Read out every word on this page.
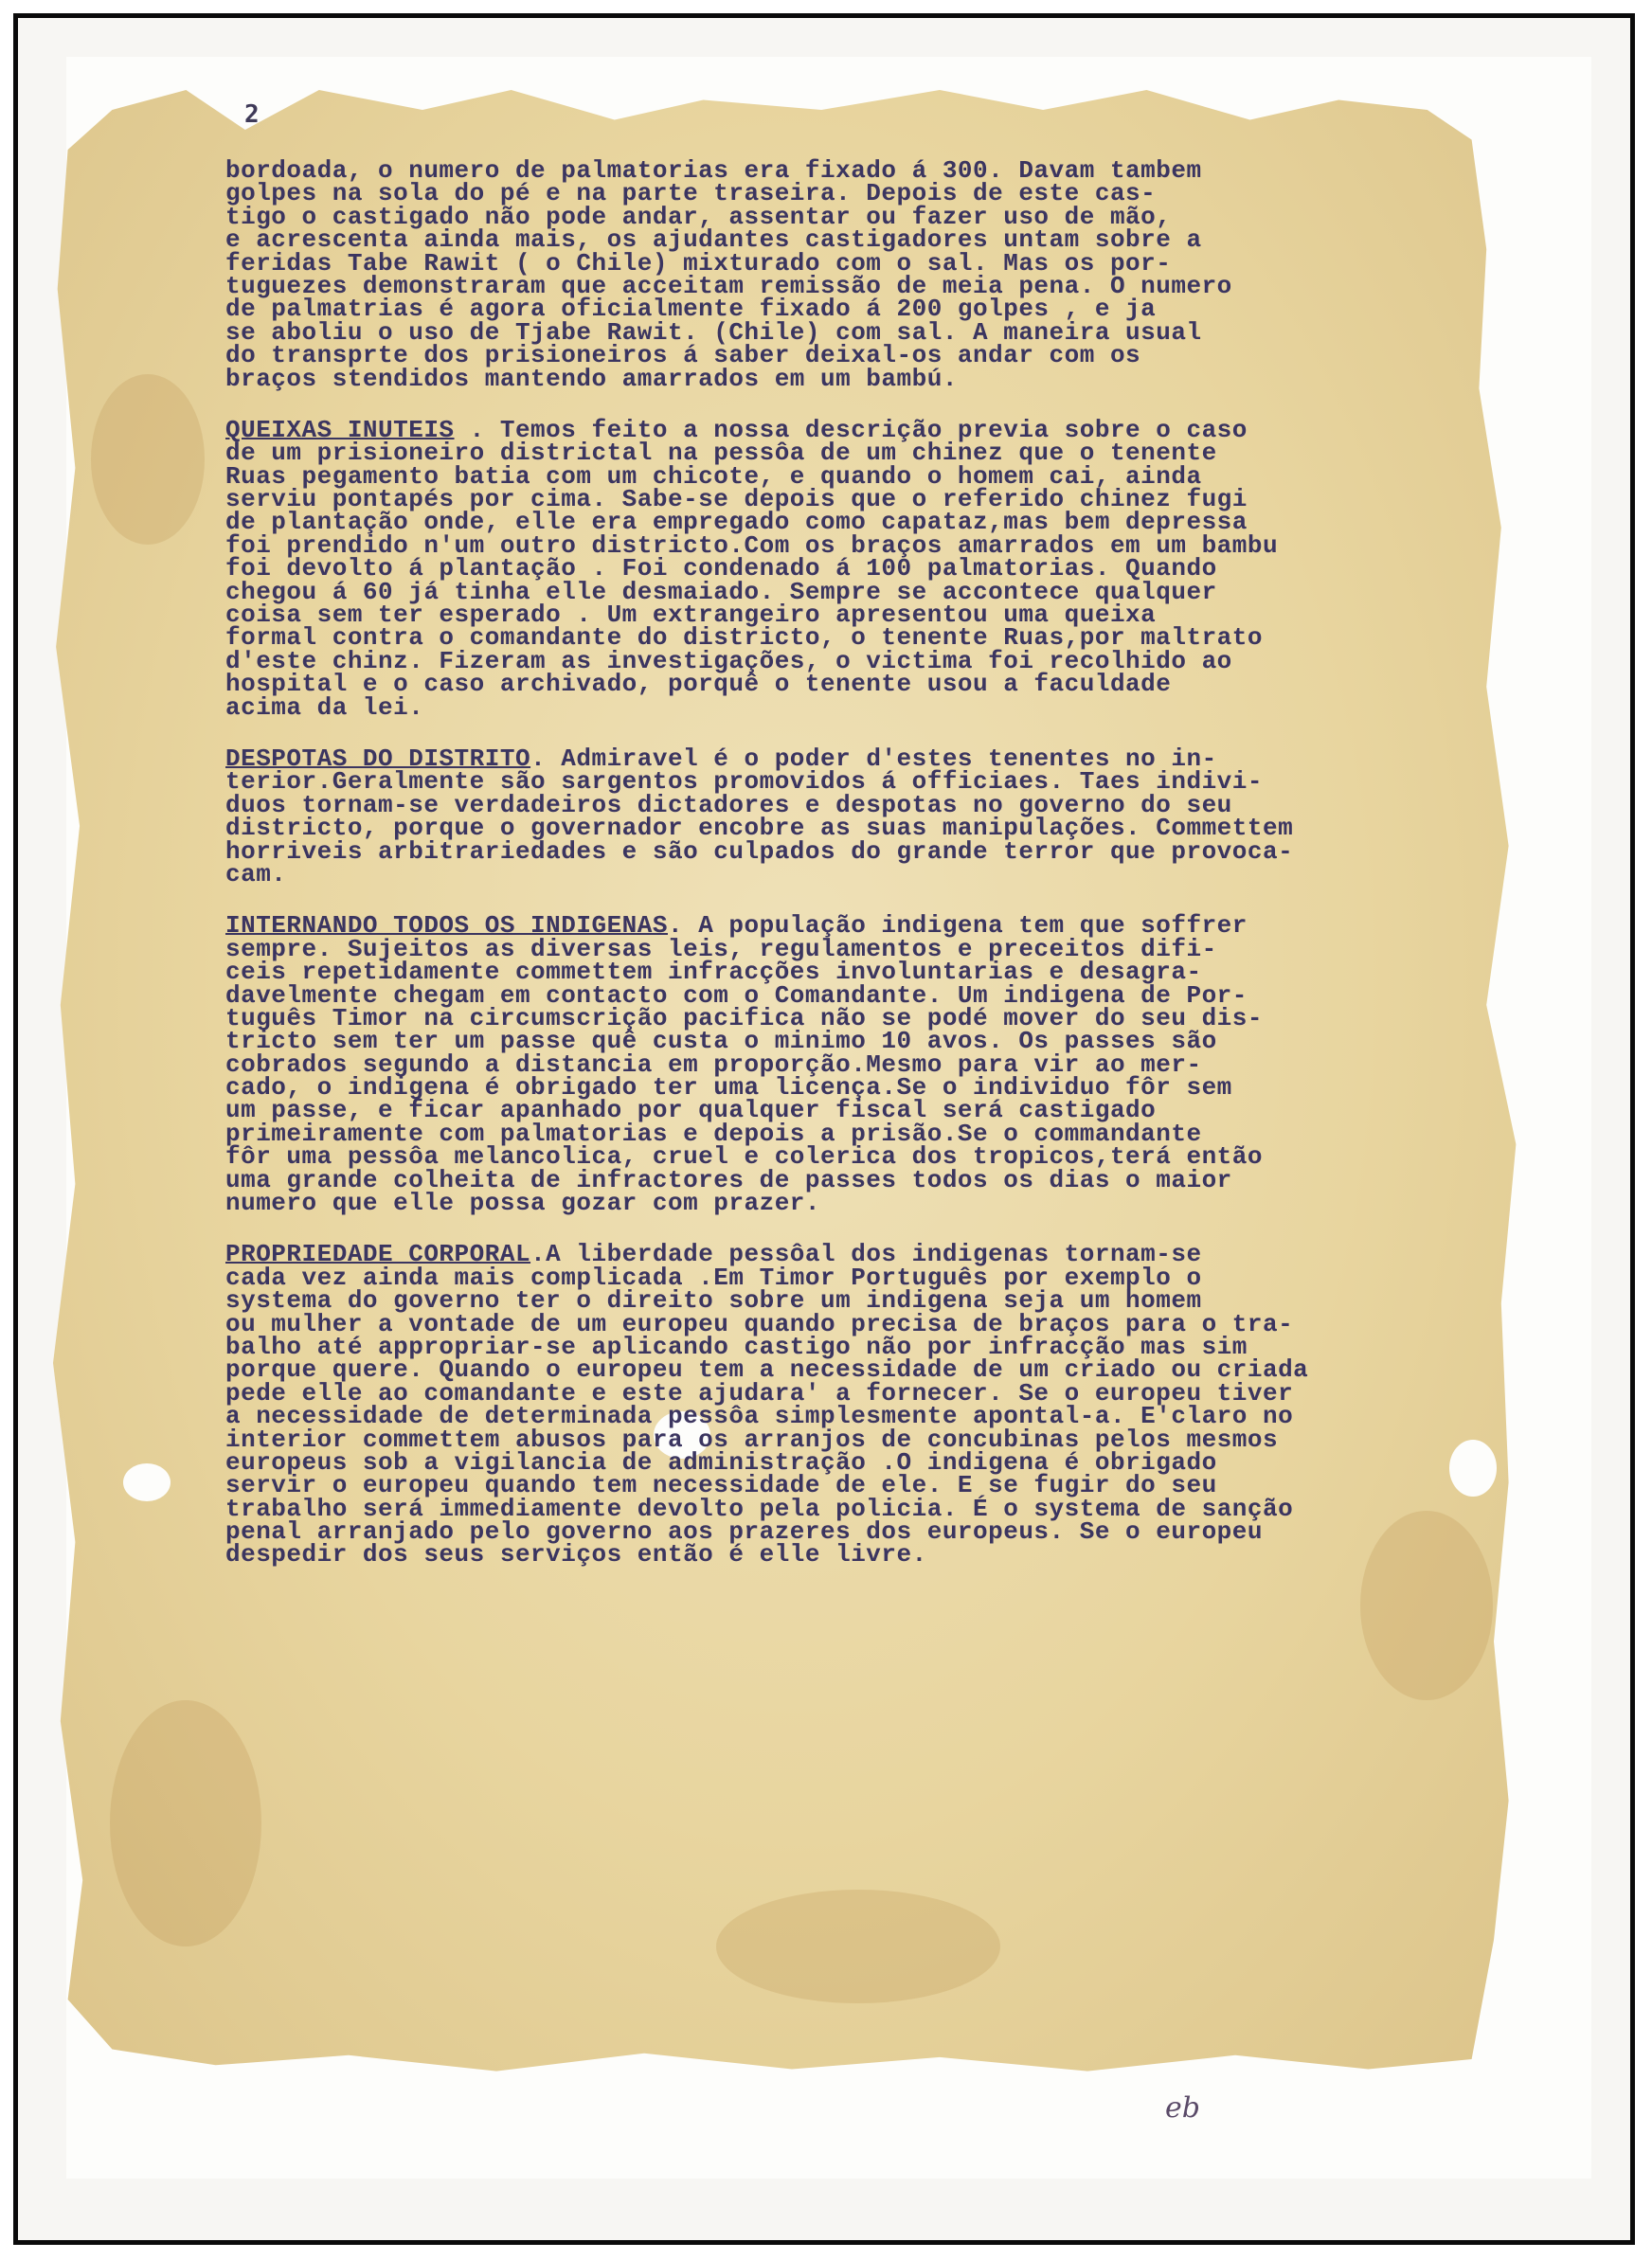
2
bordoada, o numero de palmatorias era fixado á 300. Davam tambem
golpes na sola do pé e na parte traseira. Depois de este cas-
tigo o castigado não pode andar, assentar ou fazer uso de mão,
e acrescenta ainda mais, os ajudantes castigadores untam sobre a
feridas Tabe Rawit ( o Chile) mixturado com o sal. Mas os por-
tuguezes demonstraram que acceitam remissão de meia pena. O numero
de palmatrias é agora oficialmente fixado á 200 golpes , e ja
se aboliu o uso de Tjabe Rawit. (Chile) com sal. A maneira usual
do transprte dos prisioneiros á saber deixal-os andar com os
braços stendidos mantendo amarrados em um bambú.
QUEIXAS INUTEIS . Temos feito a nossa descrição previa sobre o caso
de um prisioneiro districtal na pessôa de um chinez que o tenente
Ruas pegamento batia com um chicote, e quando o homem cai, ainda
serviu pontapés por cima. Sabe-se depois que o referido chinez fugi
de plantação onde, elle era empregado como capataz,mas bem depressa
foi prendido n'um outro districto.Com os braços amarrados em um bambu
foi devolto á plantação . Foi condenado á 100 palmatorias. Quando
chegou á 60 já tinha elle desmaiado. Sempre se accontece qualquer
coisa sem ter esperado . Um extrangeiro apresentou uma queixa
formal contra o comandante do districto, o tenente Ruas,por maltrato
d'este chinz. Fizeram as investigações, o victima foi recolhido ao
hospital e o caso archivado, porquê o tenente usou a faculdade
acima da lei.
DESPOTAS DO DISTRITO. Admiravel é o poder d'estes tenentes no in-
terior.Geralmente são sargentos promovidos á officiaes. Taes indivi-
duos tornam-se verdadeiros dictadores e despotas no governo do seu
districto, porque o governador encobre as suas manipulações. Commettem
horriveis arbitrariedades e são culpados do grande terror que provoca-
cam.
INTERNANDO TODOS OS INDIGENAS. A população indigena tem que soffrer
sempre. Sujeitos as diversas leis, regulamentos e preceitos difi-
ceis repetidamente commettem infracções involuntarias e desagra-
davelmente chegam em contacto com o Comandante. Um indigena de Por-
tuguês Timor na circumscrição pacifica não se podé mover do seu dis-
tricto sem ter um passe quê custa o minimo 10 avos. Os passes são
cobrados segundo a distancia em proporção.Mesmo para vir ao mer-
cado, o indigena é obrigado ter uma licença.Se o individuo fôr sem
um passe, e ficar apanhado por qualquer fiscal será castigado
primeiramente com palmatorias e depois a prisão.Se o commandante
fôr uma pessôa melancolica, cruel e colerica dos tropicos,terá então
uma grande colheita de infractores de passes todos os dias o maior
numero que elle possa gozar com prazer.
PROPRIEDADE CORPORAL.A liberdade pessôal dos indigenas tornam-se
cada vez ainda mais complicada .Em Timor Português por exemplo o
systema do governo ter o direito sobre um indigena seja um homem
ou mulher a vontade de um europeu quando precisa de braços para o tra-
balho até appropriar-se aplicando castigo não por infracção mas sim
porque quere. Quando o europeu tem a necessidade de um criado ou criada
pede elle ao comandante e este ajudara' a fornecer. Se o europeu tiver
a necessidade de determinada pessôa simplesmente apontal-a. E'claro no
interior commettem abusos para os arranjos de concubinas pelos mesmos
europeus sob a vigilancia de administração .O indigena é obrigado
servir o europeu quando tem necessidade de ele. E se fugir do seu
trabalho será immediamente devolto pela policia. É o systema de sanção
penal arranjado pelo governo aos prazeres dos europeus. Se o europeu
despedir dos seus serviços então é elle livre.
eb
